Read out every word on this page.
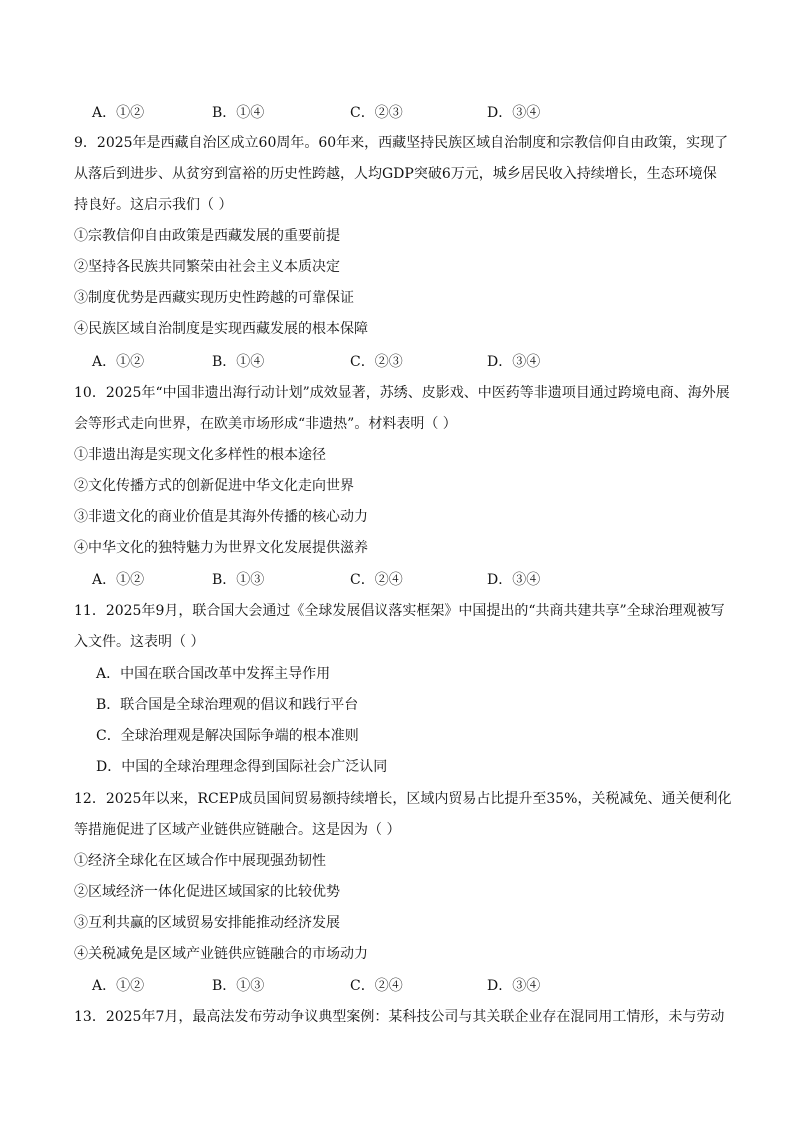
A．①②	B．①④	C．②③	D．③④
9．2025年是西藏自治区成立60周年。60年来，西藏坚持民族区域自治制度和宗教信仰自由政策，实现了
从落后到进步、从贫穷到富裕的历史性跨越，人均GDP突破6万元，城乡居民收入持续增长，生态环境保
持良好。这启示我们（ ）
①宗教信仰自由政策是西藏发展的重要前提
②坚持各民族共同繁荣由社会主义本质决定
③制度优势是西藏实现历史性跨越的可靠保证
④民族区域自治制度是实现西藏发展的根本保障
A．①②	B．①④	C．②③	D．③④
10．2025年“中国非遗出海行动计划”成效显著，苏绣、皮影戏、中医药等非遗项目通过跨境电商、海外展
会等形式走向世界，在欧美市场形成“非遗热”。材料表明（ ）
①非遗出海是实现文化多样性的根本途径
②文化传播方式的创新促进中华文化走向世界
③非遗文化的商业价值是其海外传播的核心动力
④中华文化的独特魅力为世界文化发展提供滋养
A．①②	B．①③	C．②④	D．③④
11．2025年9月，联合国大会通过《全球发展倡议落实框架》中国提出的“共商共建共享”全球治理观被写
入文件。这表明（ ）
A．中国在联合国改革中发挥主导作用
B．联合国是全球治理观的倡议和践行平台
C．全球治理观是解决国际争端的根本准则
D．中国的全球治理理念得到国际社会广泛认同
12．2025年以来，RCEP成员国间贸易额持续增长，区域内贸易占比提升至35%，关税减免、通关便利化
等措施促进了区域产业链供应链融合。这是因为（ ）
①经济全球化在区域合作中展现强劲韧性
②区域经济一体化促进区域国家的比较优势
③互利共赢的区域贸易安排能推动经济发展
④关税减免是区域产业链供应链融合的市场动力
A．①②	B．①③	C．②④	D．③④
13．2025年7月，最高法发布劳动争议典型案例：某科技公司与其关联企业存在混同用工情形，未与劳动
